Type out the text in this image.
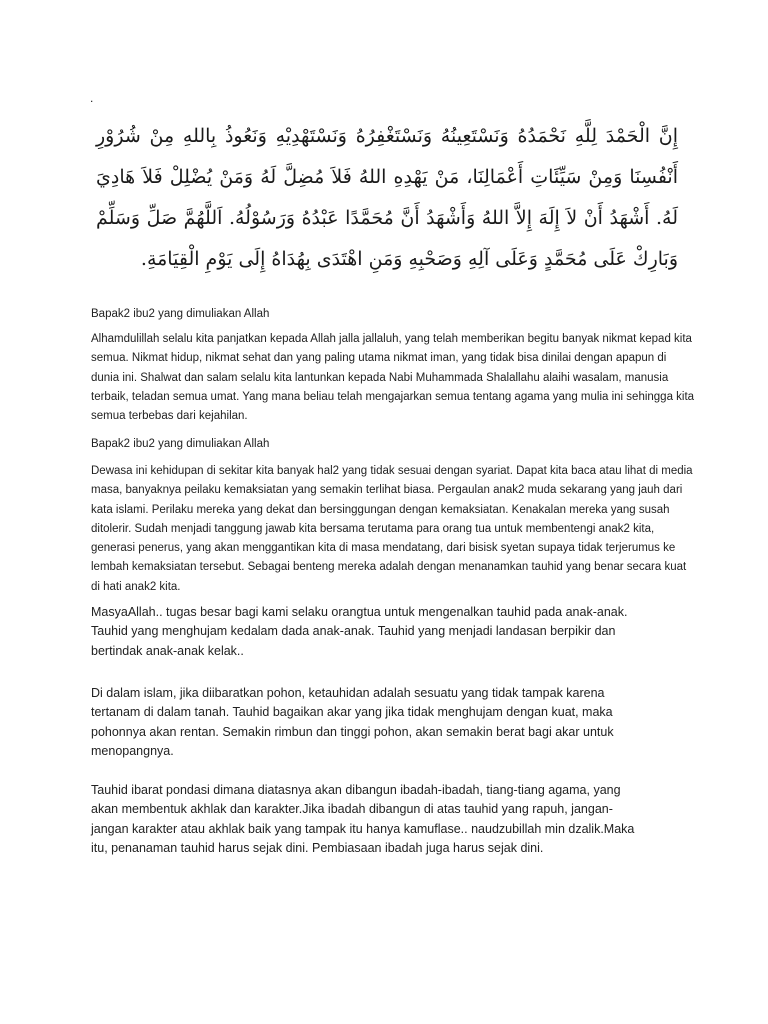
.
إِنَّ الْحَمْدَ لِلَّهِ نَحْمَدُهُ وَنَسْتَعِينُهُ وَنَسْتَغْفِرُهُ وَنَسْتَهْدِيْهِ وَنَعُوذُ بِاللهِ مِنْ شُرُوْرِ أَنْفُسِنَا وَمِنْ سَيِّئَاتِ أَعْمَالِنَا، مَنْ يَهْدِهِ اللهُ فَلاَ مُضِلَّ لَهُ وَمَنْ يُضْلِلْ فَلاَ هَادِيَ لَهُ. أَشْهَدُ أَنْ لاَ إِلَهَ إِلاَّ اللهُ وَأَشْهَدُ أَنَّ مُحَمَّدًا عَبْدُهُ وَرَسُوْلُهُ. اَللَّهُمَّ صَلِّ وَسَلِّمْ وَبَارِكْ عَلَى مُحَمَّدٍ وَعَلَى آلِهِ وَصَحْبِهِ وَمَنِ اهْتَدَى بِهُدَاهُ إِلَى يَوْمِ الْقِيَامَةِ.

Bapak2 ibu2 yang dimuliakan Allah

Alhamdulillah selalu kita panjatkan kepada Allah jalla jallaluh, yang telah memberikan begitu banyak nikmat kepad kita semua. Nikmat hidup, nikmat sehat dan yang paling utama nikmat iman, yang tidak bisa dinilai dengan apapun di dunia ini. Shalwat dan salam selalu kita lantunkan kepada Nabi Muhammada Shalallahu alaihi wasalam, manusia terbaik, teladan semua umat. Yang mana beliau telah mengajarkan semua tentang agama yang mulia ini sehingga kita semua terbebas dari kejahilan.

Bapak2 ibu2 yang dimuliakan Allah

Dewasa ini kehidupan di sekitar kita banyak hal2 yang tidak sesuai dengan syariat. Dapat kita baca atau lihat di media masa, banyaknya peilaku kemaksiatan yang semakin terlihat biasa. Pergaulan anak2 muda sekarang yang jauh dari kata islami. Perilaku mereka yang dekat dan bersinggungan dengan kemaksiatan. Kenakalan mereka yang susah ditolerir. Sudah menjadi tanggung jawab kita bersama terutama para orang tua untuk membentengi anak2 kita, generasi penerus, yang akan menggantikan kita di masa mendatang, dari bisisk syetan supaya tidak terjerumus ke lembah kemaksiatan tersebut. Sebagai benteng mereka adalah dengan menanamkan tauhid yang benar secara kuat di hati anak2 kita.

MasyaAllah.. tugas besar bagi kami selaku orangtua untuk mengenalkan tauhid pada anak-anak. Tauhid yang menghujam kedalam dada anak-anak. Tauhid yang menjadi landasan berpikir dan bertindak anak-anak kelak..

Di dalam islam, jika diibaratkan pohon, ketauhidan adalah sesuatu yang tidak tampak karena tertanam di dalam tanah. Tauhid bagaikan akar yang jika tidak menghujam dengan kuat, maka pohonnya akan rentan. Semakin rimbun dan tinggi pohon, akan semakin berat bagi akar untuk menopangnya.

Tauhid ibarat pondasi dimana diatasnya akan dibangun ibadah-ibadah, tiang-tiang agama, yang akan membentuk akhlak dan karakter.Jika ibadah dibangun di atas tauhid yang rapuh, jangan-jangan karakter atau akhlak baik yang tampak itu hanya kamuflase.. naudzubillah min dzalik.Maka itu, penanaman tauhid harus sejak dini. Pembiasaan ibadah juga harus sejak dini.
